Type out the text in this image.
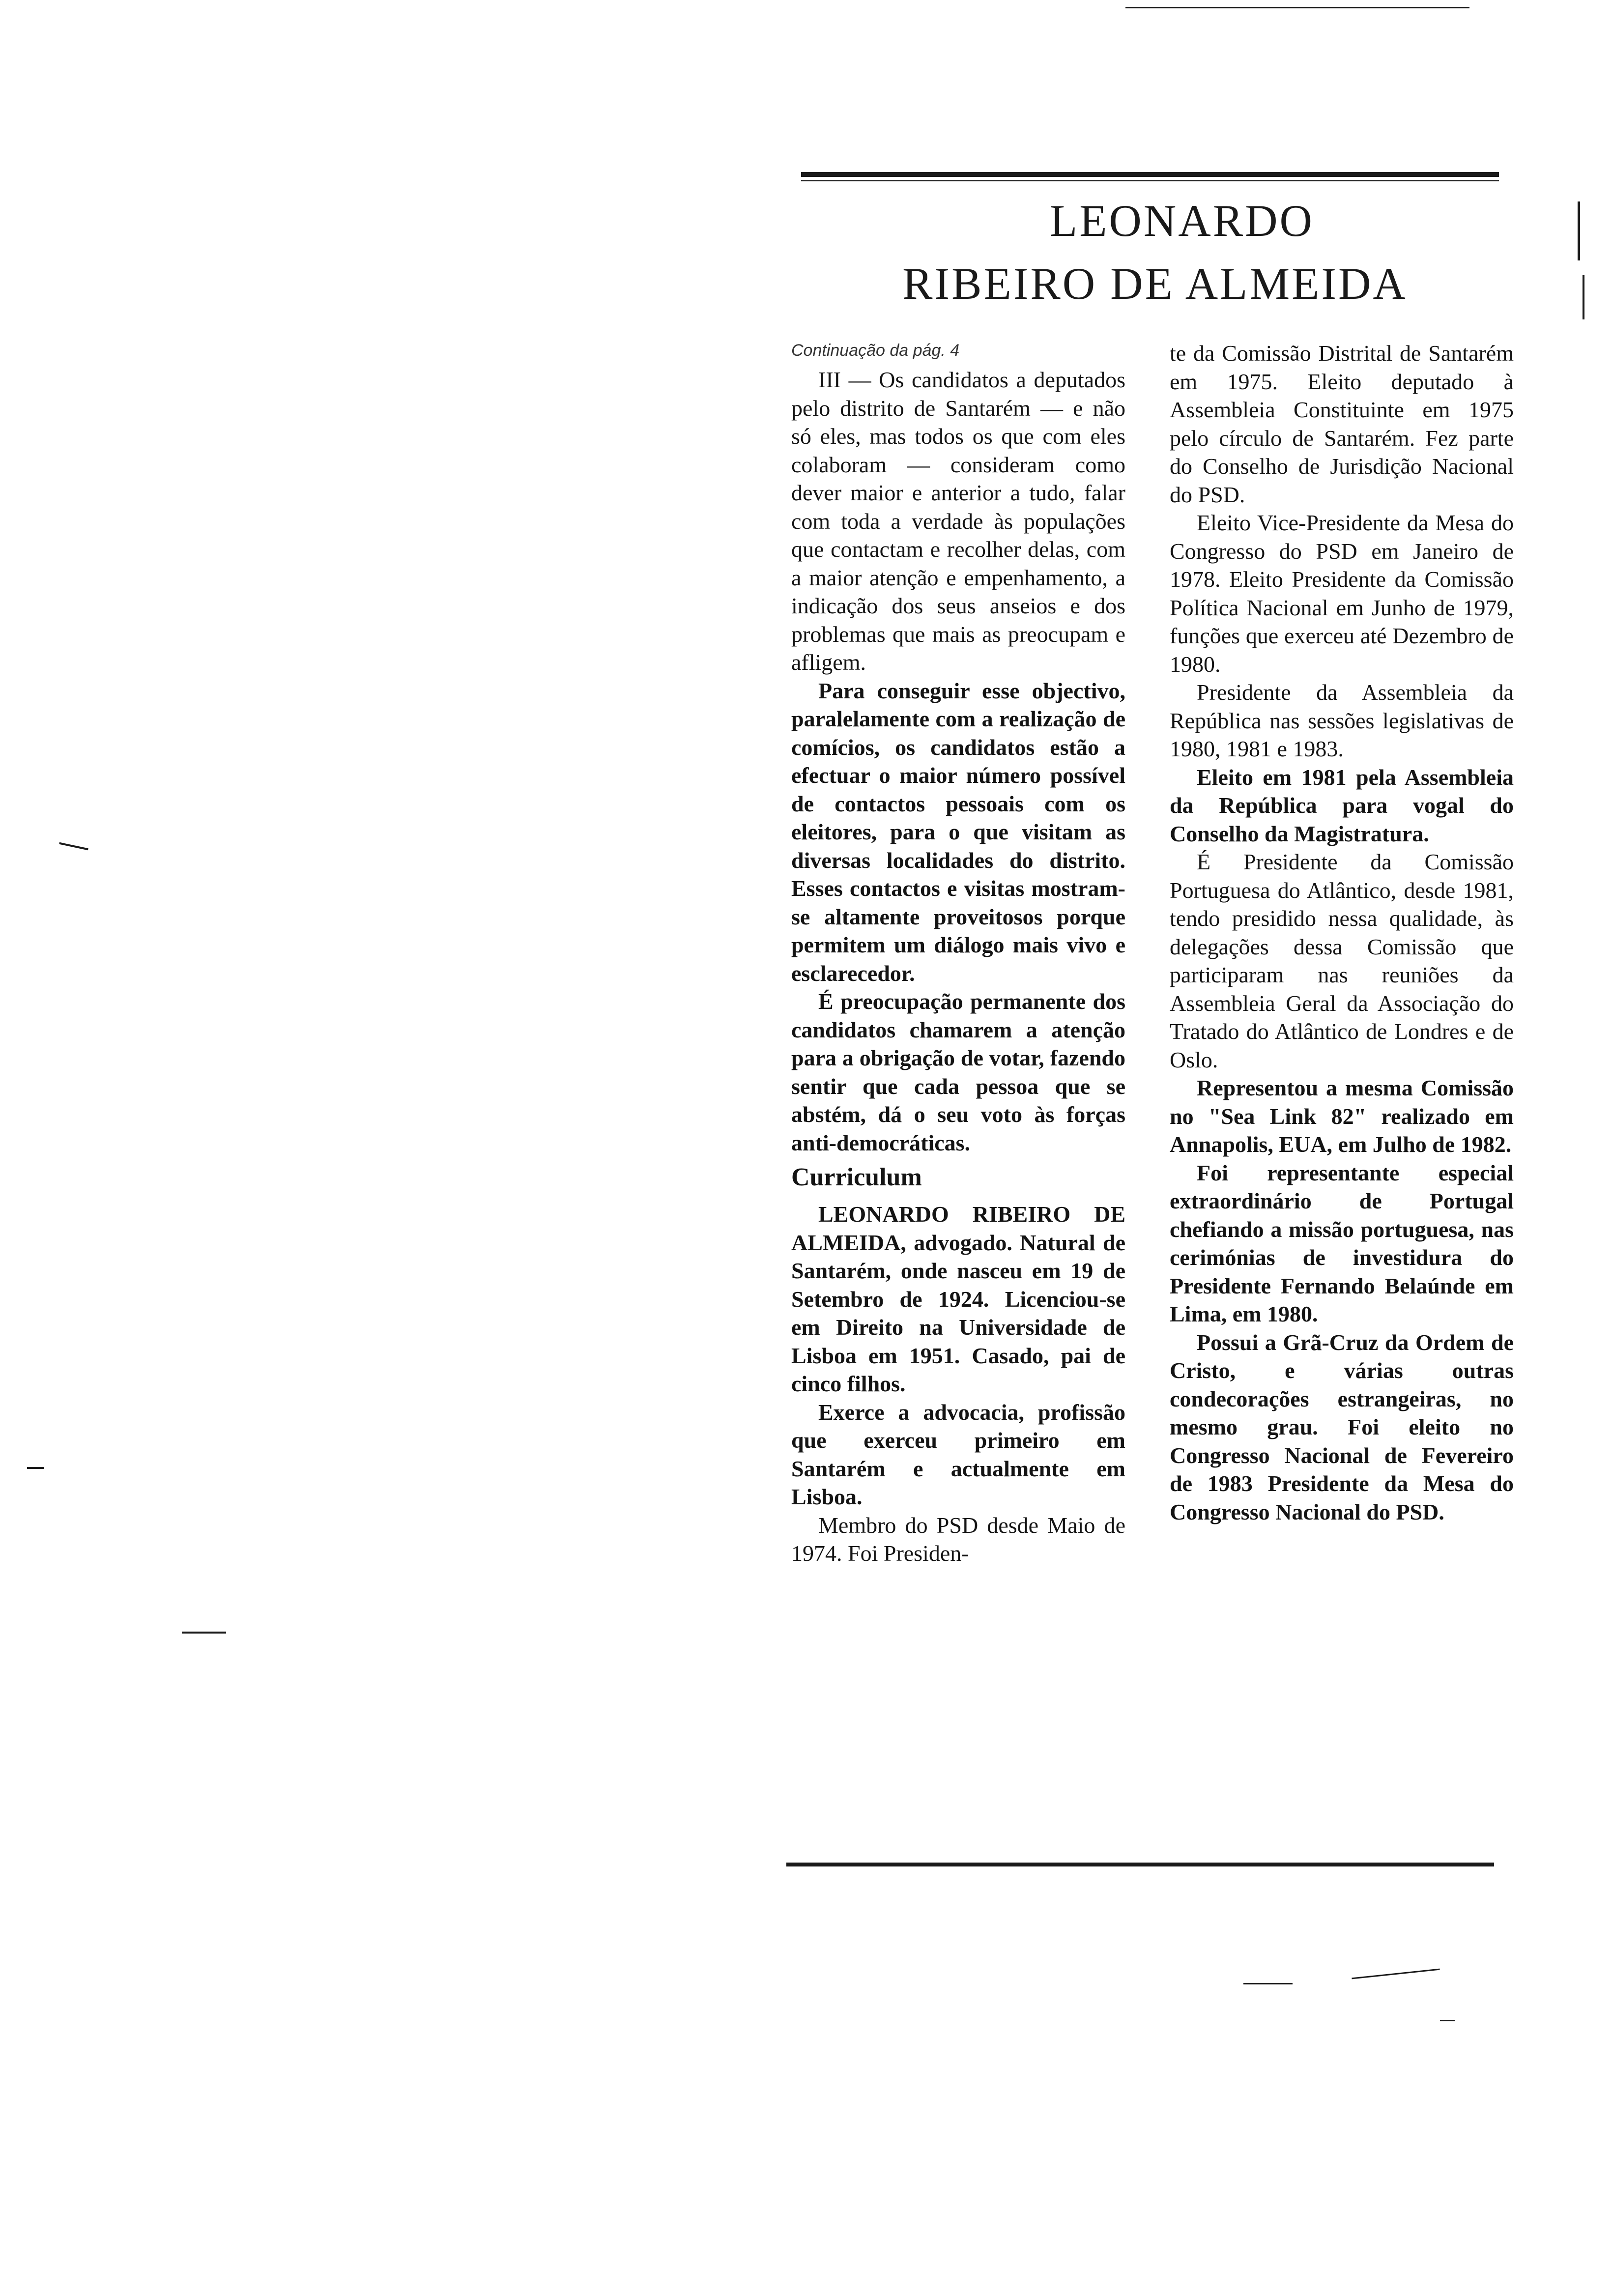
LEONARDO
RIBEIRO DE ALMEIDA

Continuação da pág. 4

III — Os candidatos a deputados pelo distrito de Santarém — e não só eles, mas todos os que com eles colaboram — consideram como dever maior e anterior a tudo, falar com toda a verdade às populações que contactam e recolher delas, com a maior atenção e empenhamento, a indicação dos seus anseios e dos problemas que mais as preocupam e afligem.

Para conseguir esse objectivo, paralelamente com a realização de comícios, os candidatos estão a efectuar o maior número possível de contactos pessoais com os eleitores, para o que visitam as diversas localidades do distrito. Esses contactos e visitas mostram-se altamente proveitosos porque permitem um diálogo mais vivo e esclarecedor.

É preocupação permanente dos candidatos chamarem a atenção para a obrigação de votar, fazendo sentir que cada pessoa que se abstém, dá o seu voto às forças anti-democráticas.

Curriculum

LEONARDO RIBEIRO DE ALMEIDA, advogado. Natural de Santarém, onde nasceu em 19 de Setembro de 1924. Licenciou-se em Direito na Universidade de Lisboa em 1951. Casado, pai de cinco filhos.

Exerce a advocacia, profissão que exerceu primeiro em Santarém e actualmente em Lisboa.

Membro do PSD desde Maio de 1974. Foi Presiden-

te da Comissão Distrital de Santarém em 1975. Eleito deputado à Assembleia Constituinte em 1975 pelo círculo de Santarém. Fez parte do Conselho de Jurisdição Nacional do PSD.

Eleito Vice-Presidente da Mesa do Congresso do PSD em Janeiro de 1978. Eleito Presidente da Comissão Política Nacional em Junho de 1979, funções que exerceu até Dezembro de 1980.

Presidente da Assembleia da República nas sessões legislativas de 1980, 1981 e 1983.

Eleito em 1981 pela Assembleia da República para vogal do Conselho da Magistratura.

É Presidente da Comissão Portuguesa do Atlântico, desde 1981, tendo presidido nessa qualidade, às delegações dessa Comissão que participaram nas reuniões da Assembleia Geral da Associação do Tratado do Atlântico de Londres e de Oslo.

Representou a mesma Comissão no "Sea Link 82" realizado em Annapolis, EUA, em Julho de 1982.

Foi representante especial extraordinário de Portugal chefiando a missão portuguesa, nas cerimónias de investidura do Presidente Fernando Belaúnde em Lima, em 1980.

Possui a Grã-Cruz da Ordem de Cristo, e várias outras condecorações estrangeiras, no mesmo grau. Foi eleito no Congresso Nacional de Fevereiro de 1983 Presidente da Mesa do Congresso Nacional do PSD.
